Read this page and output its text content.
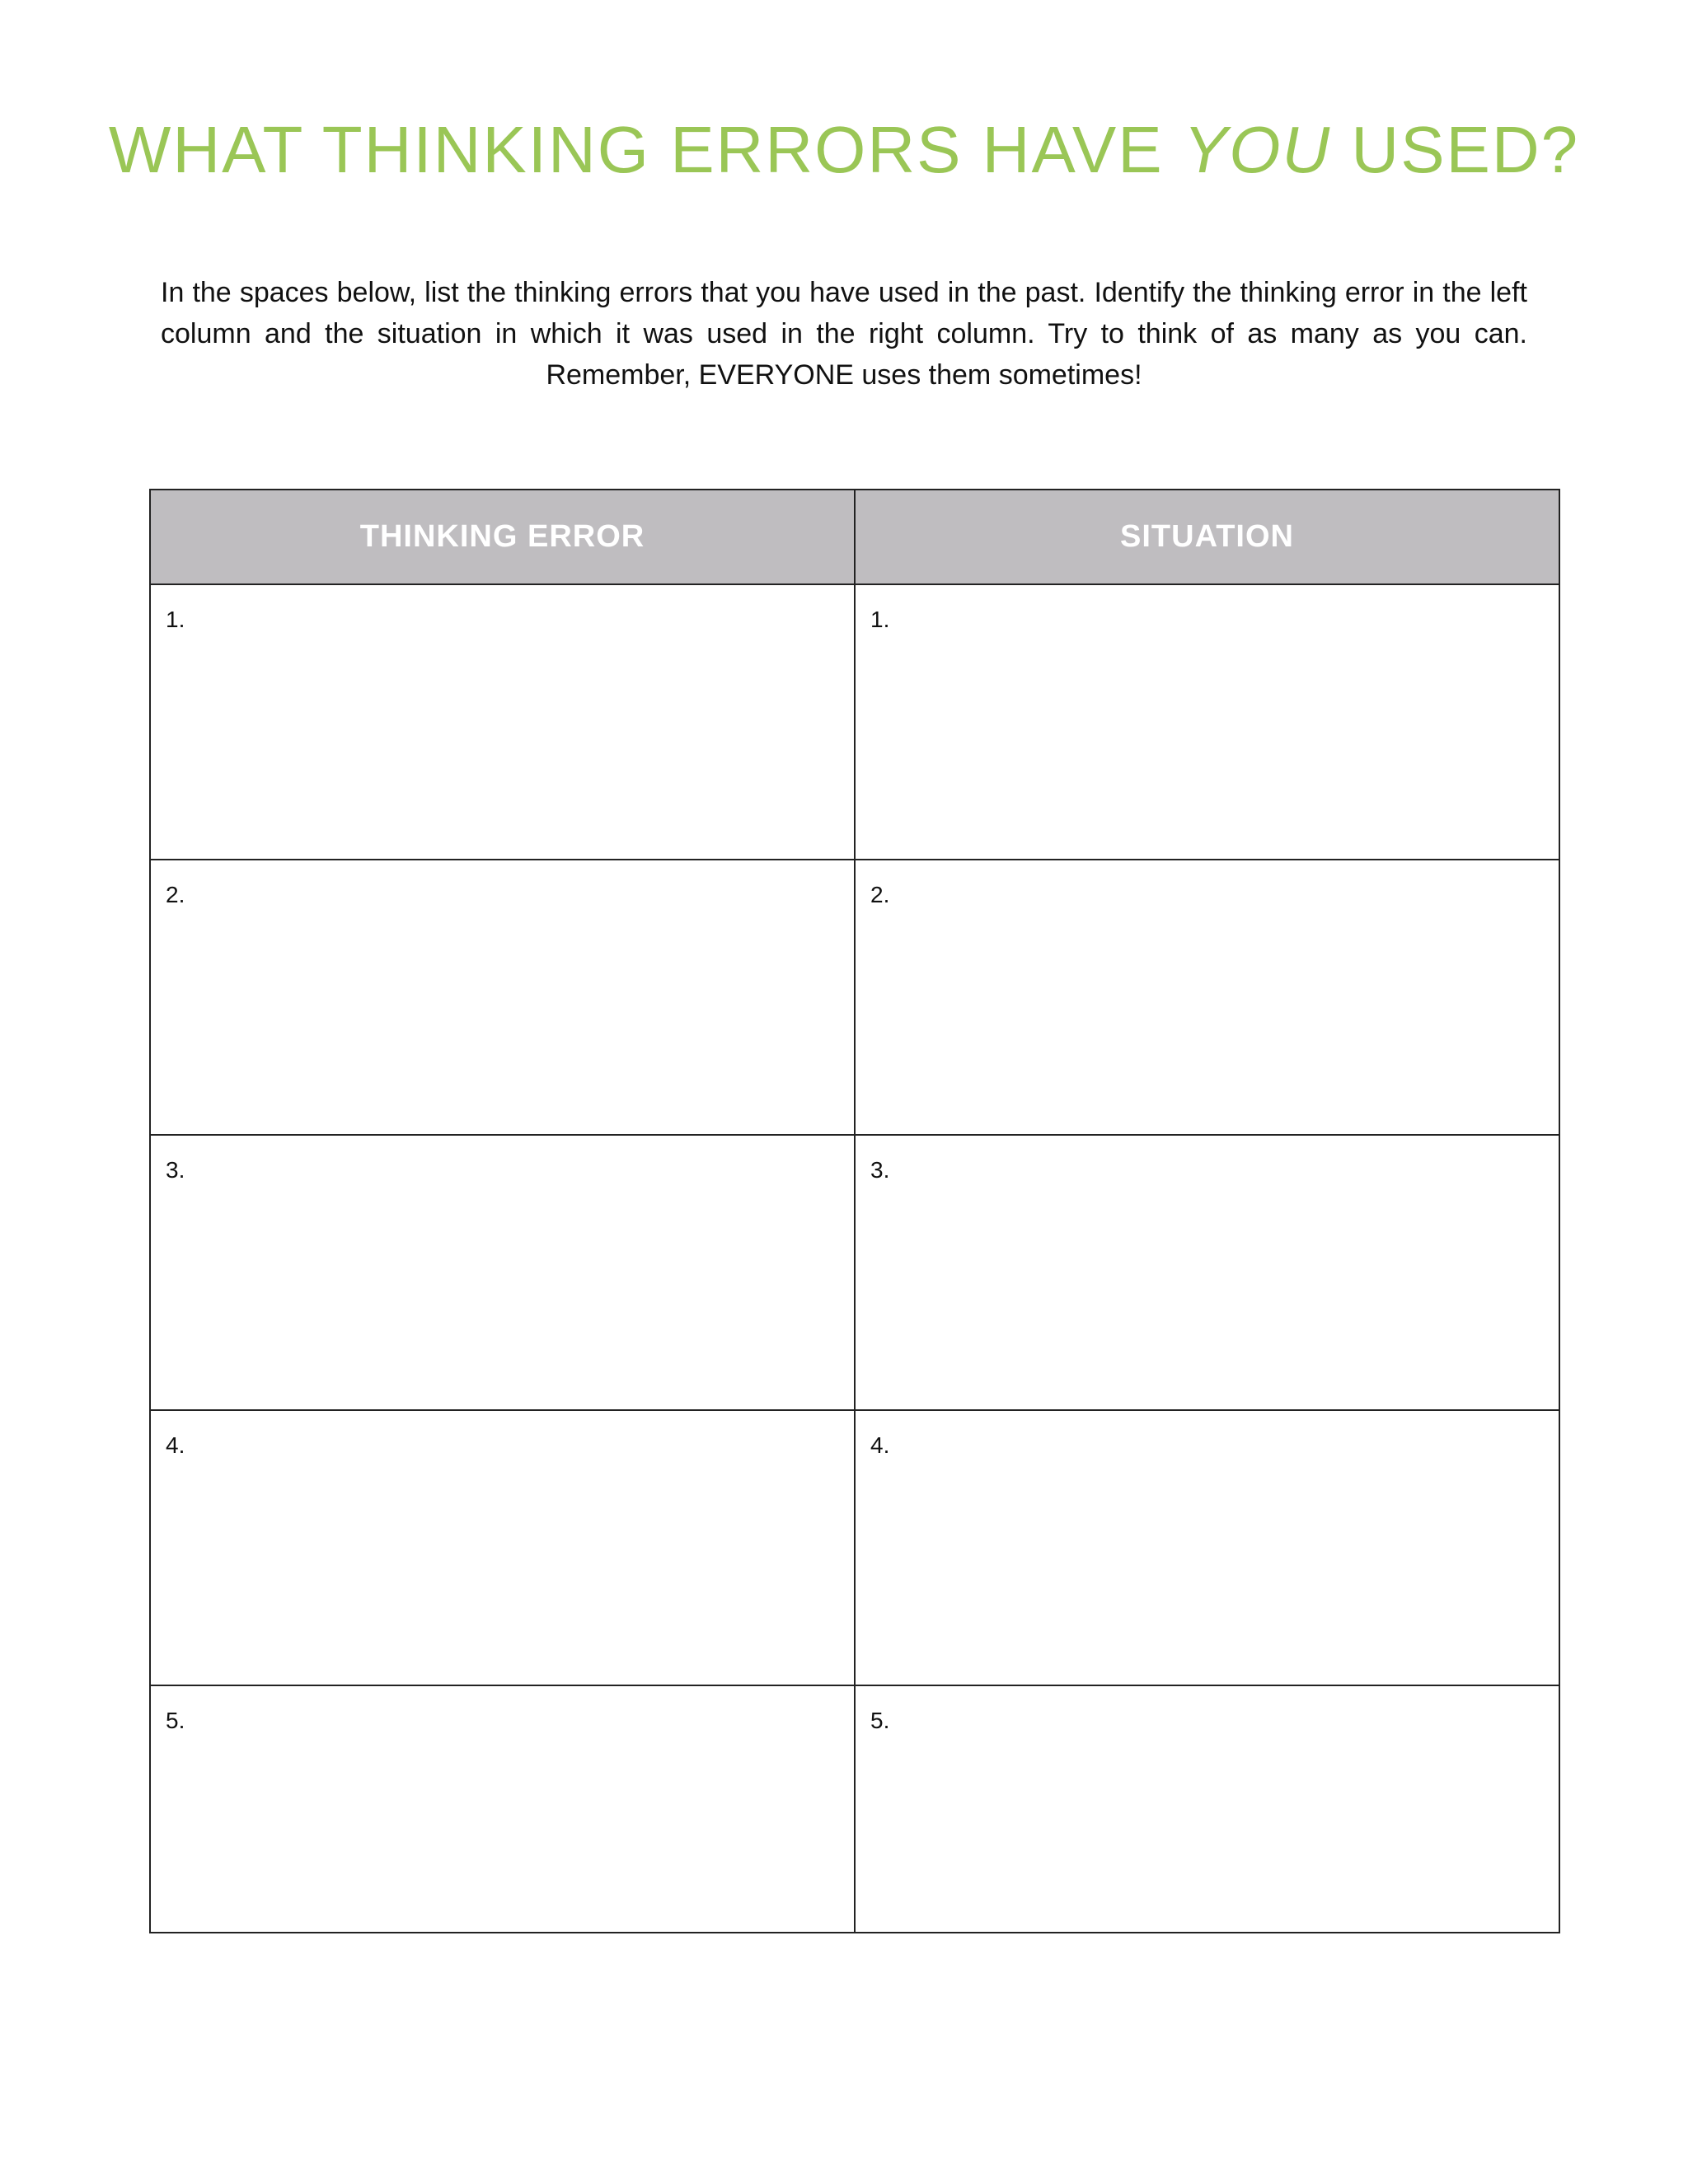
WHAT THINKING ERRORS HAVE YOU USED?

In the spaces below, list the thinking errors that you have used in the past. Identify the thinking error in the left column and the situation in which it was used in the right column. Try to think of as many as you can. Remember, EVERYONE uses them sometimes!

THINKING ERROR	SITUATION

1.	1.

2.	2.

3.	3.

4.	4.

5.	5.
